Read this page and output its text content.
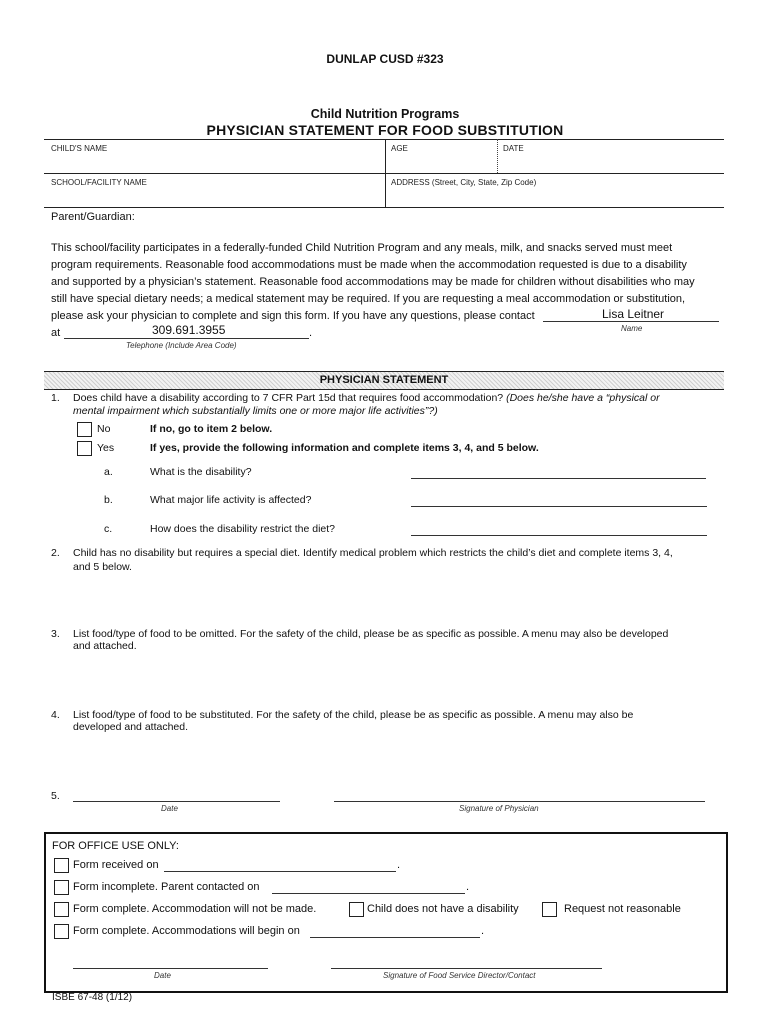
DUNLAP CUSD #323
Child Nutrition Programs
PHYSICIAN STATEMENT FOR FOOD SUBSTITUTION
CHILD'S NAME	AGE	DATE
SCHOOL/FACILITY NAME	ADDRESS (Street, City, State, Zip Code)
Parent/Guardian:
This school/facility participates in a federally-funded Child Nutrition Program and any meals, milk, and snacks served must meet
program requirements. Reasonable food accommodations must be made when the accommodation requested is due to a disability
and supported by a physician’s statement. Reasonable food accommodations may be made for children without disabilities who may
still have special dietary needs; a medical statement may be required. If you are requesting a meal accommodation or substitution,
please ask your physician to complete and sign this form. If you have any questions, please contact	Lisa Leitner
Name
at	.
309.691.3955
Telephone (Include Area Code)
PHYSICIAN STATEMENT
1. Does child have a disability according to 7 CFR Part 15d that requires food accommodation? (Does he/she have a “physical or
mental impairment which substantially limits one or more major life activities”?)
No	If no, go to item 2 below.
Yes	If yes, provide the following information and complete items 3, 4, and 5 below.
a.	What is the disability?
b.	What major life activity is affected?
c.	How does the disability restrict the diet?
2. Child has no disability but requires a special diet. Identify medical problem which restricts the child’s diet and complete items 3, 4,
and 5 below.
3. List food/type of food to be omitted. For the safety of the child, please be as specific as possible. A menu may also be developed
and attached.
4. List food/type of food to be substituted. For the safety of the child, please be as specific as possible. A menu may also be
developed and attached.
5.
Date	Signature of Physician
FOR OFFICE USE ONLY:
Form received on	.
Form incomplete. Parent contacted on	.
Form complete. Accommodation will not be made.	Child does not have a disability	Request not reasonable
Form complete. Accommodations will begin on	.
Date	Signature of Food Service Director/Contact
ISBE 67-48 (1/12)
